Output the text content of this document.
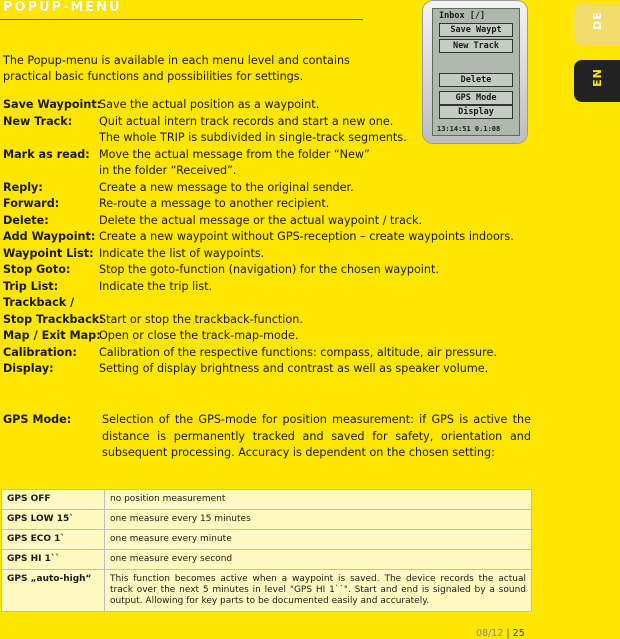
POPUP-MENU
The Popup-menu is available in each menu level and contains
practical basic functions and possibilities for settings.
Save Waypoint:
Save the actual position as a waypoint.
New Track:	Quit actual intern track records and start a new one.
The whole TRIP is subdivided in single-track segments.
Mark as read: Move the actual message from the folder “New”
in the folder “Received”.
Reply:	Create a new message to the original sender.
Forward:	Re-route a message to another recipient.
Delete:	Delete the actual message or the actual waypoint / track.
Add Waypoint: Create a new waypoint without GPS-reception – create waypoints indoors.
Waypoint List: Indicate the list of waypoints.
Stop Goto:	Stop the goto-function (navigation) for the chosen waypoint.
Trip List:	Indicate the trip list.
Trackback /
Stop Trackback:
Start or stop the trackback-function.
Map / Exit Map:
Open or close the track-map-mode.
Calibration:	Calibration of the respective functions: compass, altitude, air pressure.
Display:	Setting of display brightness and contrast as well as speaker volume.
GPS Mode:	Selection of the GPS-mode for position measurement: if GPS is active the distance is permanently tracked and saved for safety, orientation and subsequent processing. Accuracy is dependent on the chosen setting:
Inbox [/]
Save Waypt
New Track
Delete
GPS Mode
Display
13:14:51 0.1:08
DE
EN
GPS OFF	no position measurement
GPS LOW 15`	one measure every 15 minutes
GPS ECO 1`	one measure every minute
GPS HI 1``	one measure every second
GPS „auto-high“	This function becomes active when a waypoint is saved. The device records the actual track over the next 5 minutes in level "GPS HI 1``". Start and end is signaled by a sound output. Allowing for key parts to be documented easily and accurately.
08/12 | 25
